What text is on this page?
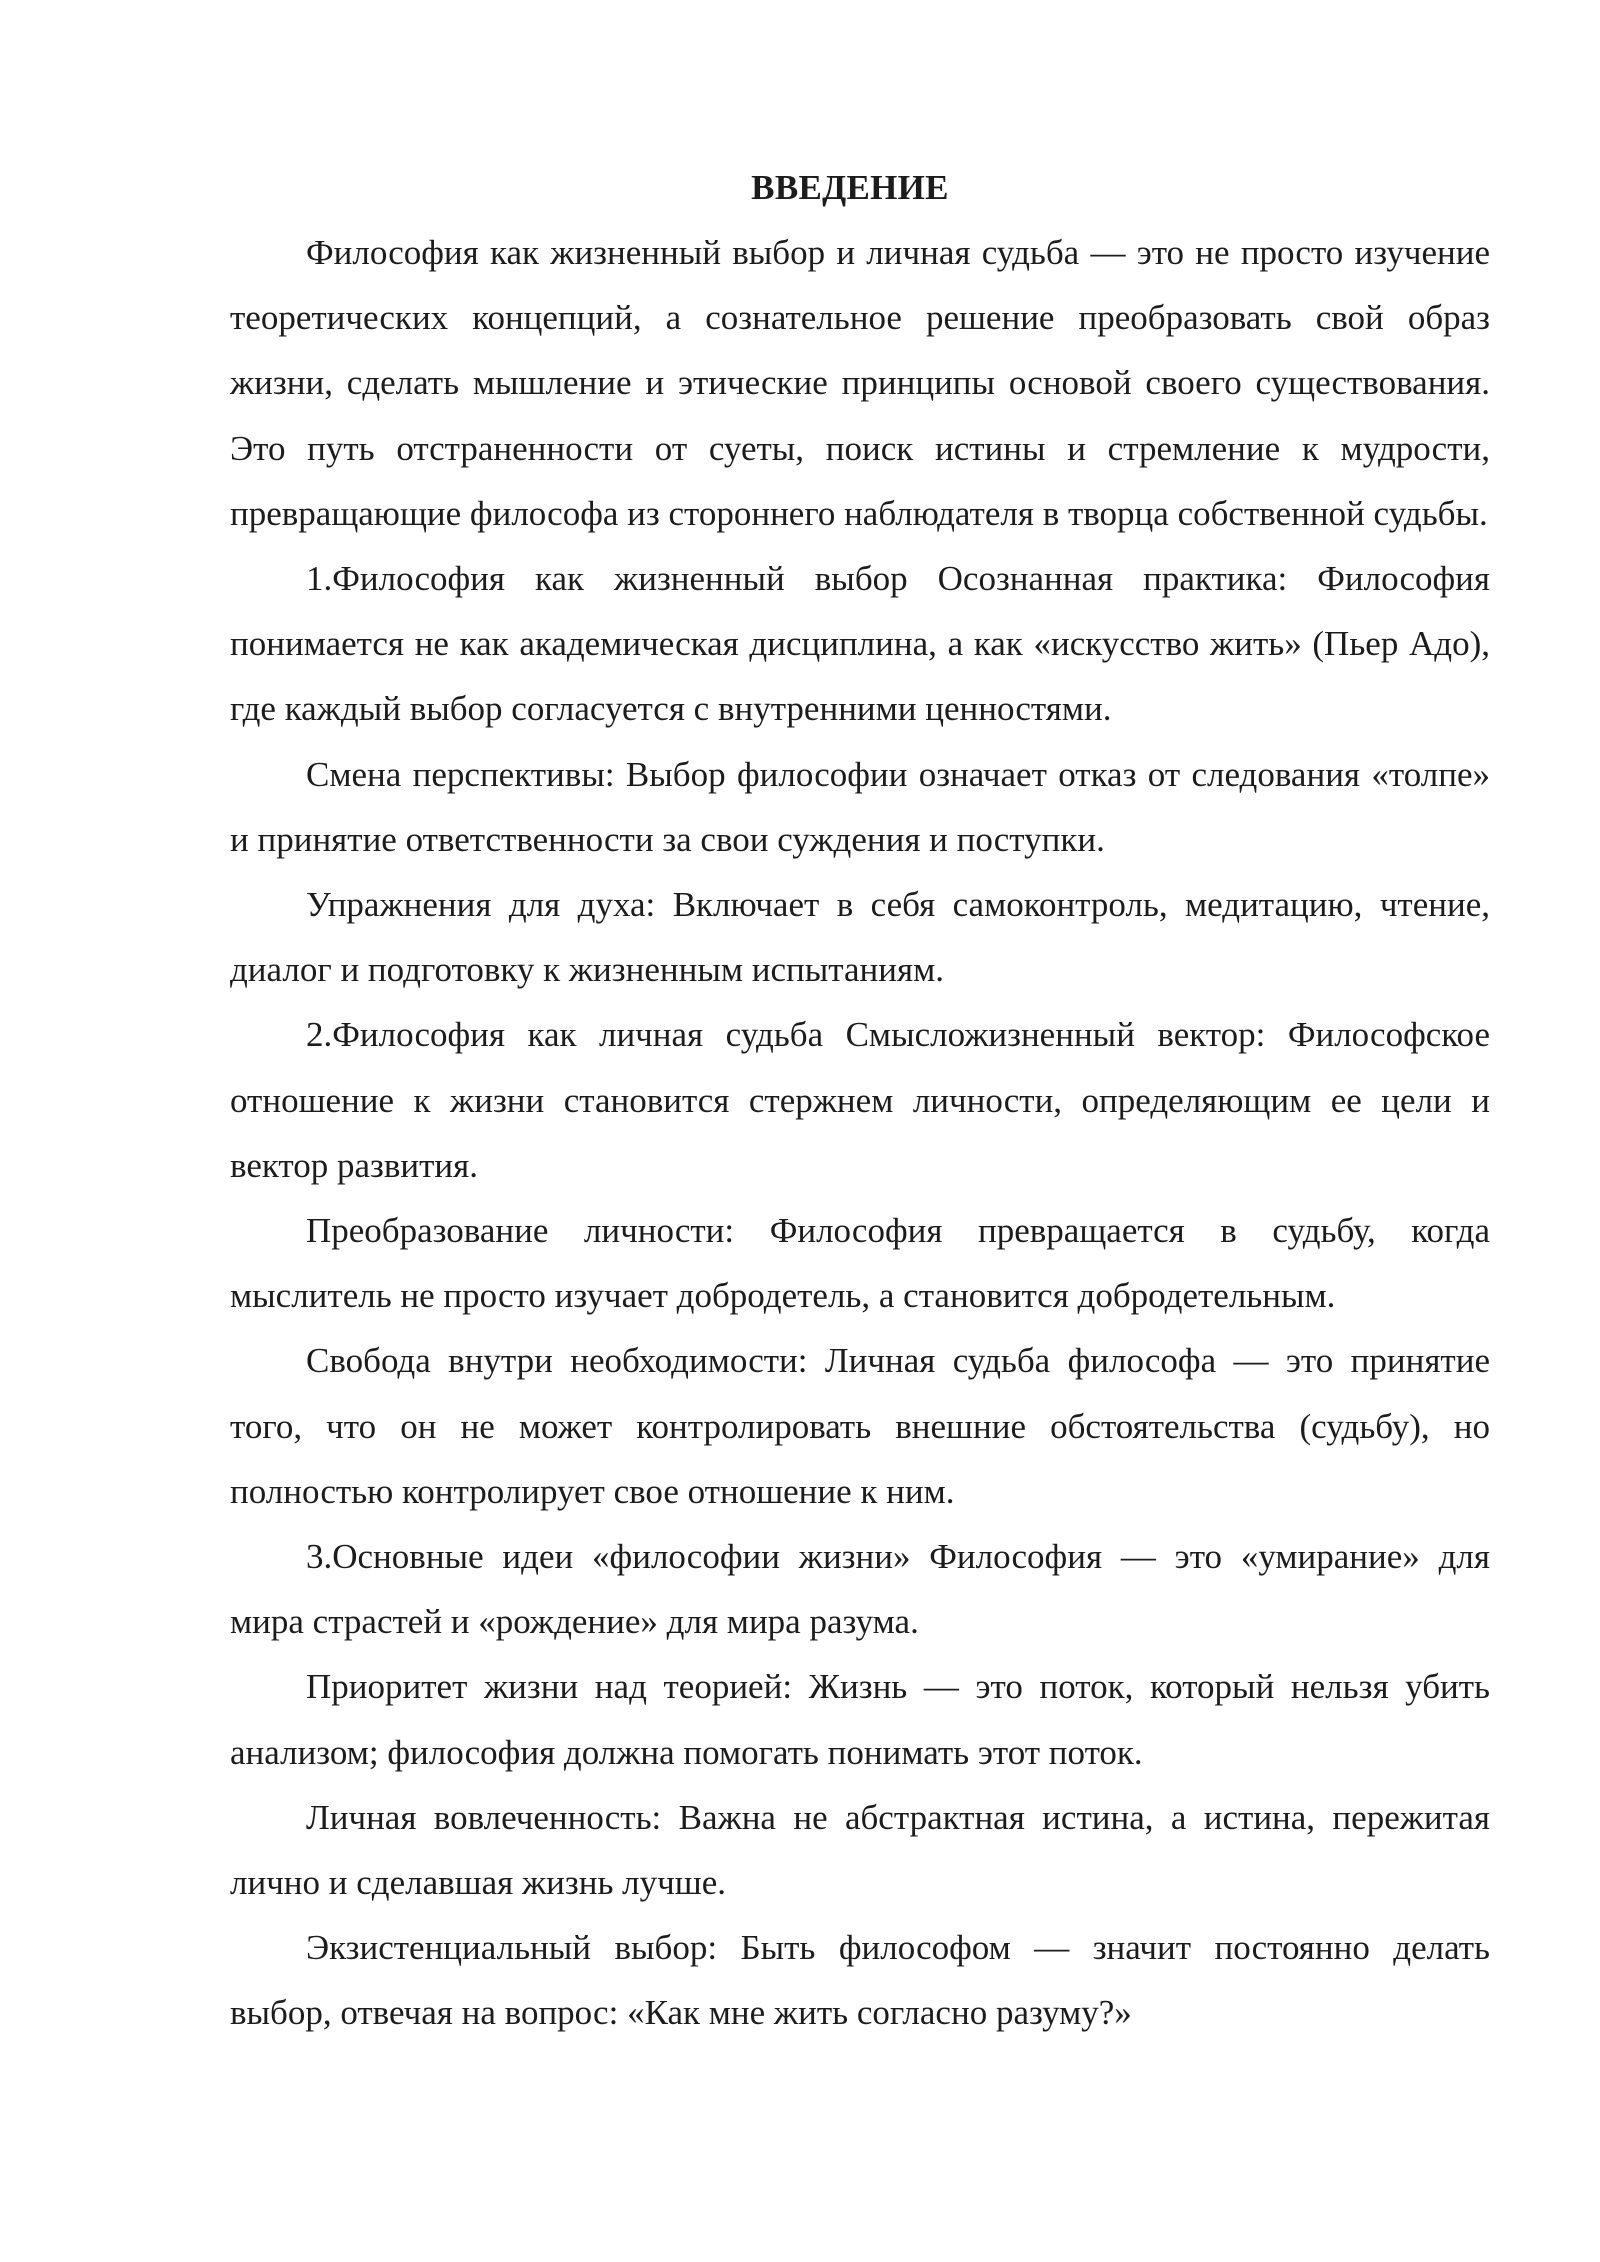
ВВЕДЕНИЕ

Философия как жизненный выбор и личная судьба — это не просто изучение теоретических концепций, а сознательное решение преобразовать свой образ жизни, сделать мышление и этические принципы основой своего существования. Это путь отстраненности от суеты, поиск истины и стремление к мудрости, превращающие философа из стороннего наблюдателя в творца собственной судьбы.

1.Философия как жизненный выбор Осознанная практика: Философия понимается не как академическая дисциплина, а как «искусство жить» (Пьер Адо), где каждый выбор согласуется с внутренними ценностями.

Смена перспективы: Выбор философии означает отказ от следования «толпе» и принятие ответственности за свои суждения и поступки.

Упражнения для духа: Включает в себя самоконтроль, медитацию, чтение, диалог и подготовку к жизненным испытаниям.

2.Философия как личная судьба Смысложизненный вектор: Философское отношение к жизни становится стержнем личности, определяющим ее цели и вектор развития.

Преобразование личности: Философия превращается в судьбу, когда мыслитель не просто изучает добродетель, а становится добродетельным.

Свобода внутри необходимости: Личная судьба философа — это принятие того, что он не может контролировать внешние обстоятельства (судьбу), но полностью контролирует свое отношение к ним.

3.Основные идеи «философии жизни» Философия — это «умирание» для мира страстей и «рождение» для мира разума.

Приоритет жизни над теорией: Жизнь — это поток, который нельзя убить анализом; философия должна помогать понимать этот поток.

Личная вовлеченность: Важна не абстрактная истина, а истина, пережитая лично и сделавшая жизнь лучше.

Экзистенциальный выбор: Быть философом — значит постоянно делать выбор, отвечая на вопрос: «Как мне жить согласно разуму?»
